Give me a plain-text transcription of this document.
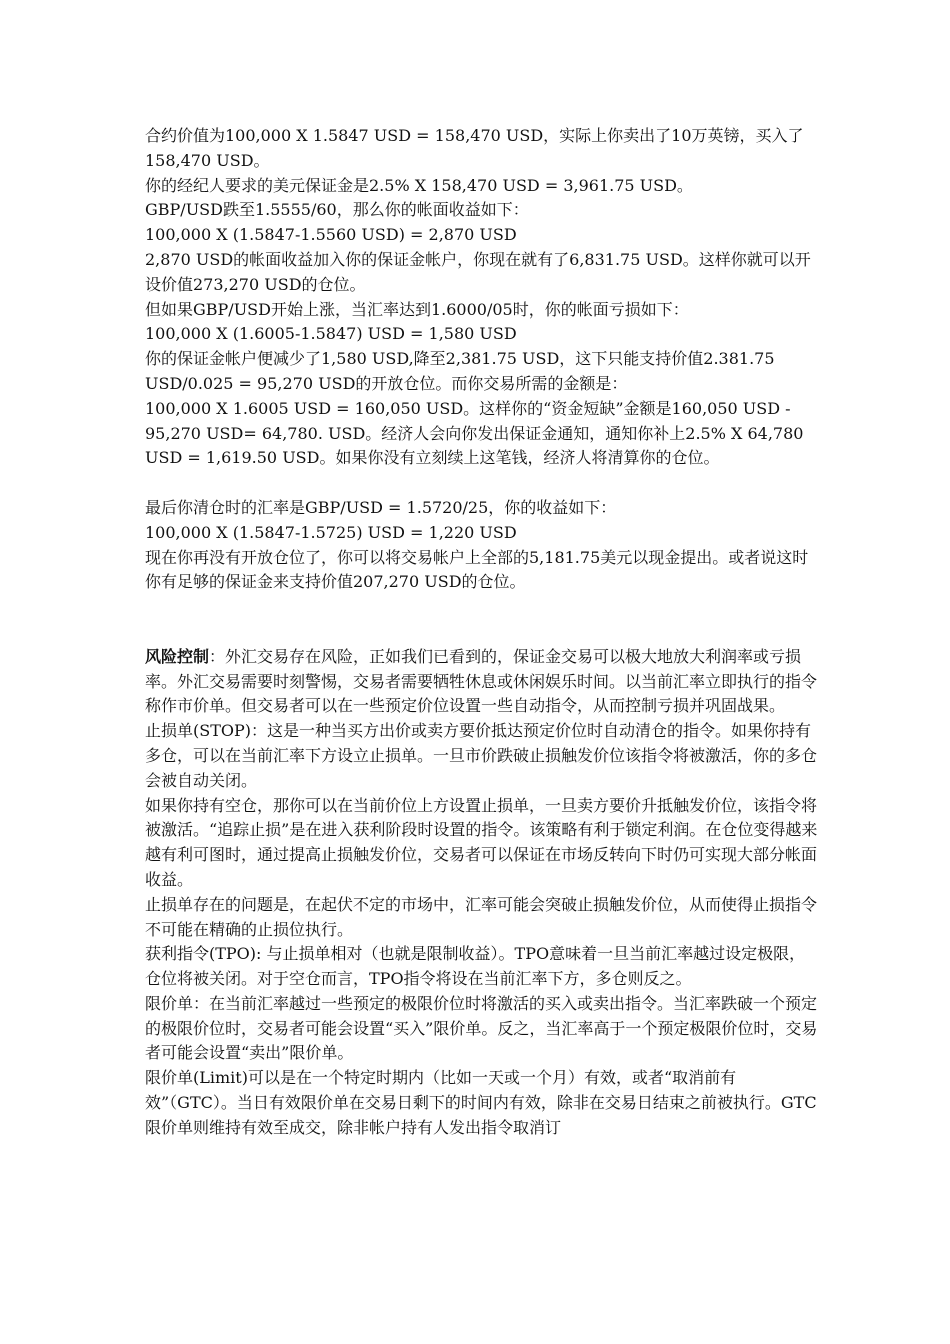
合约价值为100,000 X 1.5847 USD = 158,470 USD，实际上你卖出了10万英镑，买入了158,470 USD。

你的经纪人要求的美元保证金是2.5% X 158,470 USD = 3,961.75 USD。

GBP/USD跌至1.5555/60，那么你的帐面收益如下：

100,000 X (1.5847-1.5560 USD) = 2,870 USD

2,870 USD的帐面收益加入你的保证金帐户，你现在就有了6,831.75 USD。这样你就可以开设价值273,270 USD的仓位。

但如果GBP/USD开始上涨，当汇率达到1.6000/05时，你的帐面亏损如下：

100,000 X (1.6005-1.5847) USD = 1,580 USD

你的保证金帐户便减少了1,580 USD,降至2,381.75 USD，这下只能支持价值2.381.75 USD/0.025 = 95,270 USD的开放仓位。而你交易所需的金额是：

100,000 X 1.6005 USD = 160,050 USD。这样你的“资金短缺”金额是160,050 USD - 95,270 USD= 64,780. USD。经济人会向你发出保证金通知，通知你补上2.5% X 64,780 USD = 1,619.50 USD。如果你没有立刻续上这笔钱，经济人将清算你的仓位。

最后你清仓时的汇率是GBP/USD = 1.5720/25，你的收益如下：

100,000 X (1.5847-1.5725) USD = 1,220 USD

现在你再没有开放仓位了，你可以将交易帐户上全部的5,181.75美元以现金提出。或者说这时你有足够的保证金来支持价值207,270 USD的仓位。

风险控制：外汇交易存在风险，正如我们已看到的，保证金交易可以极大地放大利润率或亏损率。外汇交易需要时刻警惕，交易者需要牺牲休息或休闲娱乐时间。以当前汇率立即执行的指令称作市价单。但交易者可以在一些预定价位设置一些自动指令，从而控制亏损并巩固战果。

止损单(STOP)：这是一种当买方出价或卖方要价抵达预定价位时自动清仓的指令。如果你持有多仓，可以在当前汇率下方设立止损单。一旦市价跌破止损触发价位该指令将被激活，你的多仓会被自动关闭。

如果你持有空仓，那你可以在当前价位上方设置止损单，一旦卖方要价升抵触发价位，该指令将被激活。“追踪止损”是在进入获利阶段时设置的指令。该策略有利于锁定利润。在仓位变得越来越有利可图时，通过提高止损触发价位，交易者可以保证在市场反转向下时仍可实现大部分帐面收益。

止损单存在的问题是，在起伏不定的市场中，汇率可能会突破止损触发价位，从而使得止损指令不可能在精确的止损位执行。

获利指令(TPO): 与止损单相对（也就是限制收益）。TPO意味着一旦当前汇率越过设定极限，仓位将被关闭。对于空仓而言，TPO指令将设在当前汇率下方，多仓则反之。

限价单：在当前汇率越过一些预定的极限价位时将激活的买入或卖出指令。当汇率跌破一个预定的极限价位时，交易者可能会设置“买入”限价单。反之，当汇率高于一个预定极限价位时，交易者可能会设置“卖出”限价单。

限价单(Limit)可以是在一个特定时期内（比如一天或一个月）有效，或者“取消前有效”（GTC）。当日有效限价单在交易日剩下的时间内有效，除非在交易日结束之前被执行。GTC限价单则维持有效至成交，除非帐户持有人发出指令取消订
